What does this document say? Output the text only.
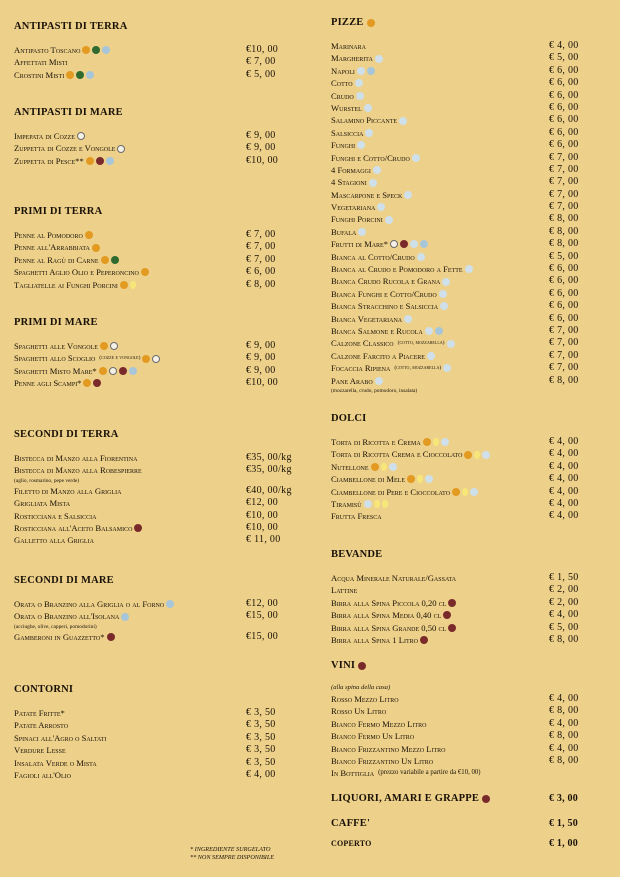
ANTIPASTI DI TERRA
Antipasto Toscano	€10, 00
Affettati Misti	€ 7, 00
Crostini Misti	€ 5, 00
ANTIPASTI DI MARE
Impepata di Cozze	€ 9, 00
Zuppetta di Cozze e Vongole	€ 9, 00
Zuppetta di Pesce**	€10, 00
PRIMI DI TERRA
Penne al Pomodoro	€ 7, 00
Penne all'Arrabbiata	€ 7, 00
Penne al Ragù di Carne	€ 7, 00
Spaghetti Aglio Olio e Peperoncino	€ 6, 00
Tagliatelle ai Funghi Porcini	€ 8, 00
PRIMI DI MARE
Spaghetti alle Vongole	€ 9, 00
Spaghetti allo Scoglio (cozze e vongole)	€ 9, 00
Spaghetti Misto Mare*	€ 9, 00
Penne agli Scampi*	€10, 00
SECONDI DI TERRA
Bistecca di Manzo alla Fiorentina	€35, 00/kg
Bistecca di Manzo alla Robespierre	€35, 00/kg
(aglio, rosmarino, pepe verde)
Filetto di Manzo alla Griglia	€40, 00/kg
Grigliata Mista	€12, 00
Rosticciana e Salsiccia	€10, 00
Rosticciana all'Aceto Balsamico	€10, 00
Galletto alla Griglia	€ 11, 00
SECONDI DI MARE
Orata o Branzino alla Griglia o al Forno	€12, 00
Orata o Branzino all'Isolana	€15, 00
(acciughe, olive, capperi, pomodorini)
Gamberoni in Guazzetto*	€15, 00
CONTORNI
Patate Fritte*	€ 3, 50
Patate Arrosto	€ 3, 50
Spinaci all'Agro o Saltati	€ 3, 50
Verdure Lesse	€ 3, 50
Insalata Verde o Mista	€ 3, 50
Fagioli all'Olio	€ 4, 00
PIZZE
Marinara	€ 4, 00
Margherita	€ 5, 00
Napoli	€ 6, 00
Cotto	€ 6, 00
Crudo	€ 6, 00
Wurstel	€ 6, 00
Salamino Piccante	€ 6, 00
Salsiccia	€ 6, 00
Funghi	€ 6, 00
Funghi e Cotto/Crudo	€ 7, 00
4 Formaggi	€ 7, 00
4 Stagioni	€ 7, 00
Mascarpone e Speck	€ 7, 00
Vegetariana	€ 7, 00
Funghi Porcini	€ 8, 00
Bufala	€ 8, 00
Frutti di Mare*	€ 8, 00
Bianca al Cotto/Crudo	€ 5, 00
Bianca al Crudo e Pomodoro a Fette	€ 6, 00
Bianca Crudo Rucola e Grana	€ 6, 00
Bianca Funghi e Cotto/Crudo	€ 6, 00
Bianca Stracchino e Salsiccia	€ 6, 00
Bianca Vegetariana	€ 6, 00
Bianca Salmone e Rucola	€ 7, 00
Calzone Classico (cotto, mozzarella)	€ 7, 00
Calzone Farcito a Piacere	€ 7, 00
Focaccia Ripiena (cotto, mozzarella)	€ 7, 00
Pane Arabo	€ 8, 00
(mozzarella, crudo, pomodoro, insalata)
DOLCI
Torta di Ricotta e Crema	€ 4, 00
Torta di Ricotta Crema e Cioccolato	€ 4, 00
Nutellone	€ 4, 00
Ciambellone di Mele	€ 4, 00
Ciambellone di Pere e Cioccolato	€ 4, 00
Tiramisù	€ 4, 00
Frutta Fresca	€ 4, 00
BEVANDE
Acqua Minerale Naturale/Gassata	€ 1, 50
Lattine	€ 2, 00
Birra alla Spina Piccola 0,20 cl	€ 2, 00
Birra alla Spina Media 0,40 cl	€ 4, 00
Birra alla Spina Grande 0,50 cl	€ 5, 00
Birra alla Spina 1 Litro	€ 8, 00
VINI
(alla spina della casa)
Rosso Mezzo Litro	€ 4, 00
Rosso Un Litro	€ 8, 00
Bianco Fermo Mezzo Litro	€ 4, 00
Bianco Fermo Un Litro	€ 8, 00
Bianco Frizzantino Mezzo Litro	€ 4, 00
Bianco Frizzantino Un Litro	€ 8, 00
In Bottiglia (prezzo variabile a partire da €10, 00)
LIQUORI, AMARI E GRAPPE	€ 3, 00
CAFFE'	€ 1, 50
COPERTO	€ 1, 00
* INGREDIENTE SURGELATO
** NON SEMPRE DISPONIBILE
